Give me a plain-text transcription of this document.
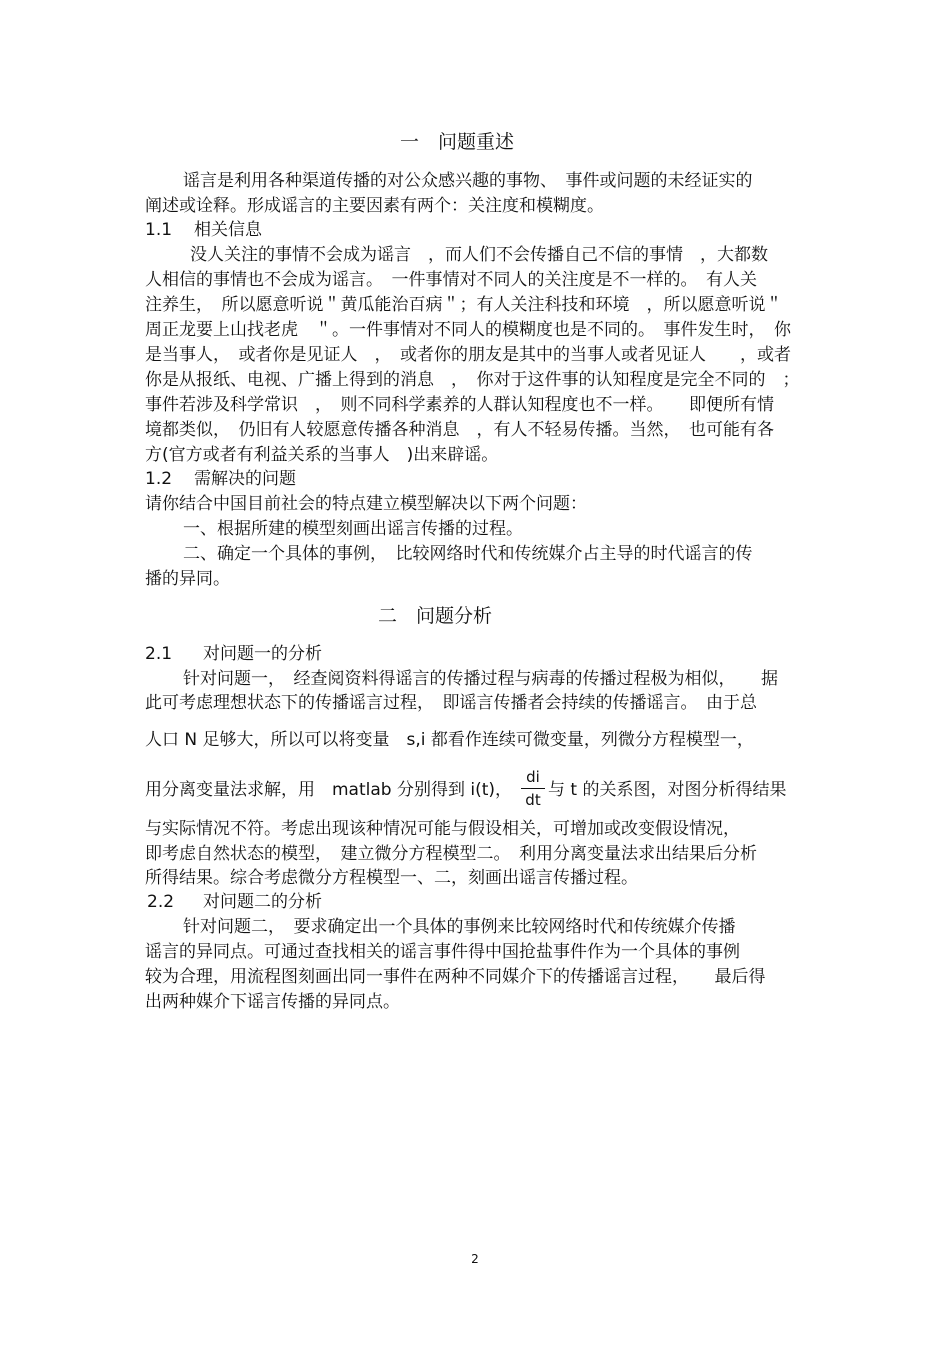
一　问题重述
谣言是利用各种渠道传播的对公众感兴趣的事物、　事件或问题的未经证实的
阐述或诠释。形成谣言的主要因素有两个：关注度和模糊度。
1.1 相关信息
没人关注的事情不会成为谣言　，而人们不会传播自己不信的事情　，大都数
人相信的事情也不会成为谣言。　一件事情对不同人的关注度是不一样的。　有人关
注养生，　所以愿意听说＂黄瓜能治百病＂；有人关注科技和环境　，所以愿意听说＂
周正龙要上山找老虎　＂。一件事情对不同人的模糊度也是不同的。　事件发生时，　你
是当事人，　或者你是见证人　，　或者你的朋友是其中的当事人或者见证人　　，或者
你是从报纸、电视、广播上得到的消息　，　你对于这件事的认知程度是完全不同的　；
事件若涉及科学常识　，　则不同科学素养的人群认知程度也不一样。　　即便所有情
境都类似，　仍旧有人较愿意传播各种消息　，有人不轻易传播。当然，　也可能有各
方(官方或者有利益关系的当事人　)出来辟谣。
1.2 需解决的问题
请你结合中国目前社会的特点建立模型解决以下两个问题：
一、根据所建的模型刻画出谣言传播的过程。
二、确定一个具体的事例，　比较网络时代和传统媒介占主导的时代谣言的传
播的异同。
二　问题分析
2.1 对问题一的分析
针对问题一，　经查阅资料得谣言的传播过程与病毒的传播过程极为相似，　　据
此可考虑理想状态下的传播谣言过程，　即谣言传播者会持续的传播谣言。　由于总
人口 N 足够大，所以可以将变量　s,i 都看作连续可微变量，列微分方程模型一，
用分离变量法求解，用　matlab 分别得到 i(t)，
di
dt 与 t 的关系图，对图分析得结果
与实际情况不符。考虑出现该种情况可能与假设相关，可增加或改变假设情况，
即考虑自然状态的模型，　建立微分方程模型二。　利用分离变量法求出结果后分析
所得结果。综合考虑微分方程模型一、二，刻画出谣言传播过程。
2.2 对问题二的分析
针对问题二，　要求确定出一个具体的事例来比较网络时代和传统媒介传播
谣言的异同点。可通过查找相关的谣言事件得中国抢盐事件作为一个具体的事例
较为合理，用流程图刻画出同一事件在两种不同媒介下的传播谣言过程，　　最后得
出两种媒介下谣言传播的异同点。
2
